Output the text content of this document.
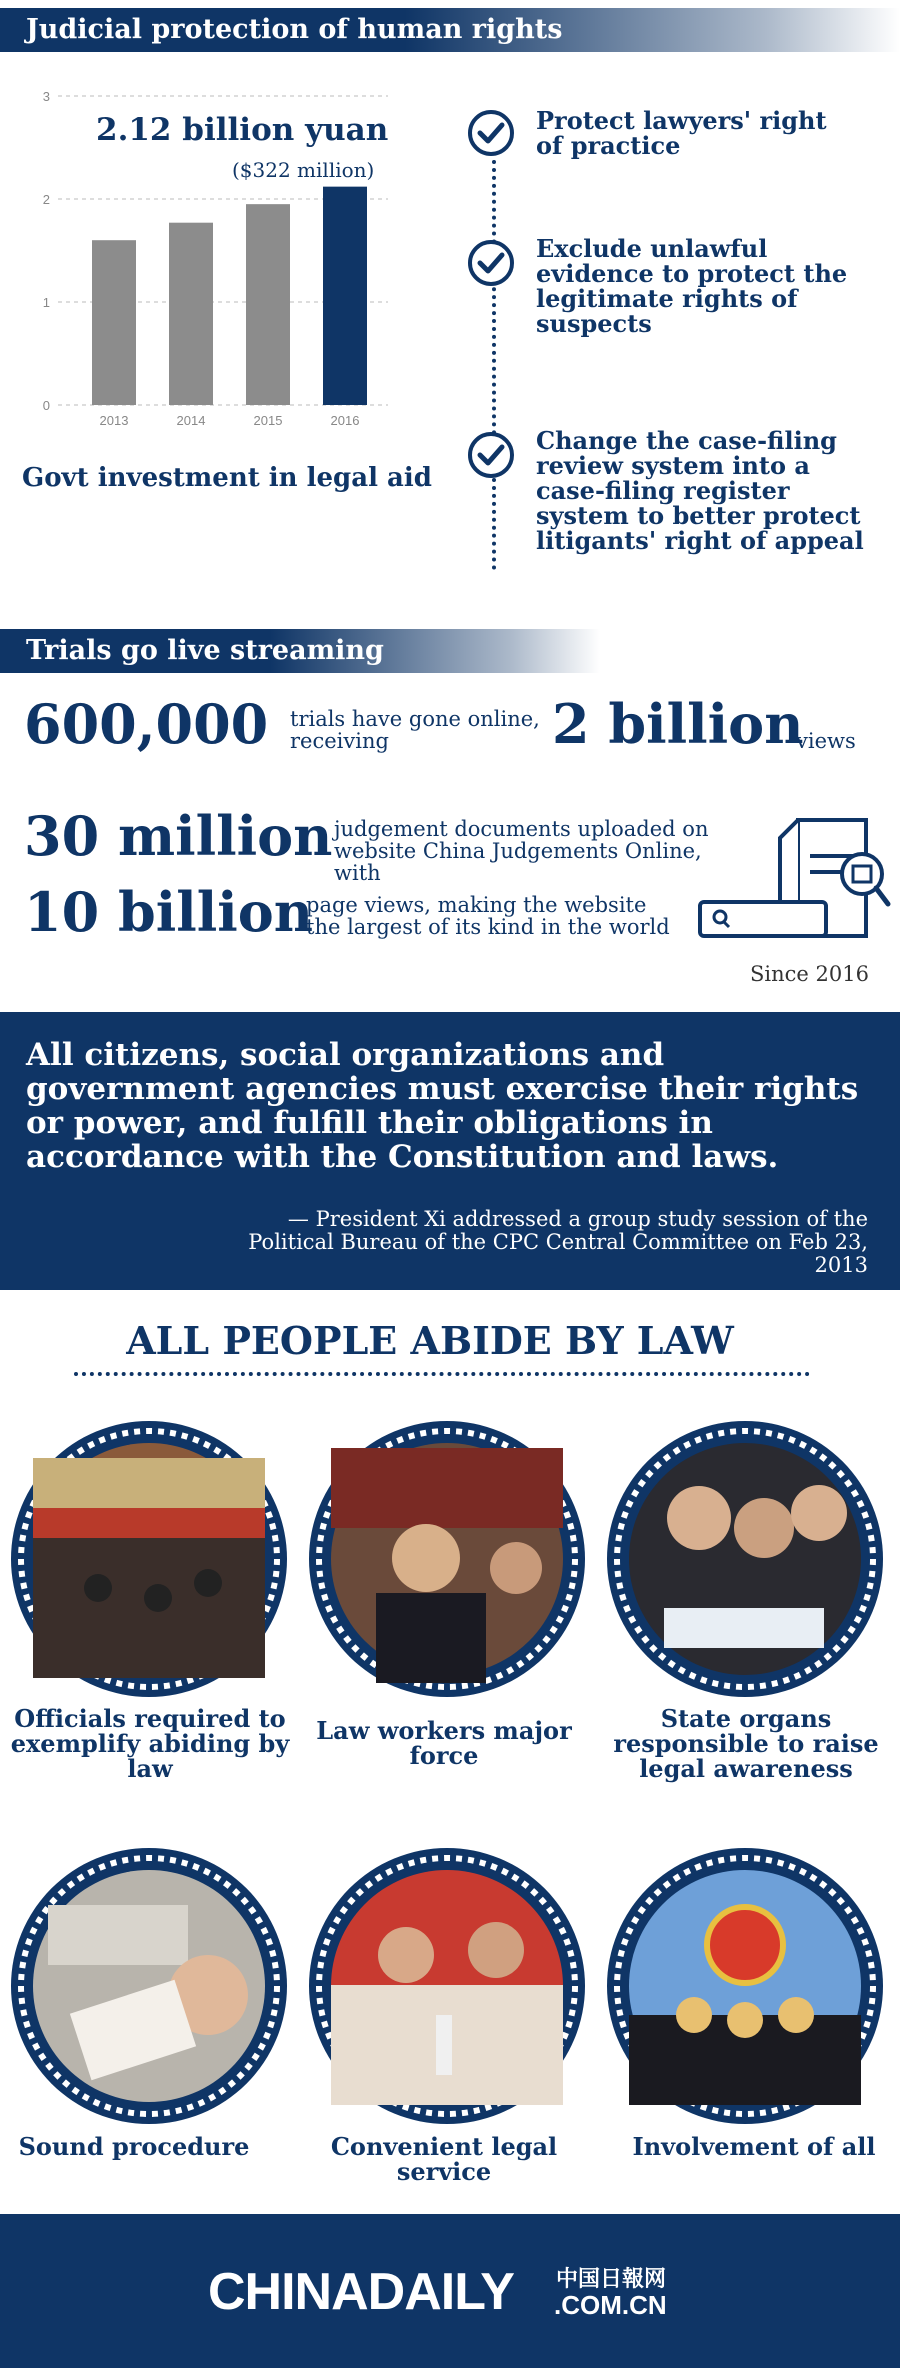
Judicial protection of human rights
0
1
2
3
2013	2014	2015	2016
2.12 billion yuan
($322 million)
Govt investment in legal aid
Protect lawyers' right of practice
Exclude unlawful evidence to protect the legitimate rights of suspects
Change the case-filing review system into a case-filing register system to better protect litigants' right of appeal
Trials go live streaming
600,000 trials have gone online, receiving	2 billion
views
30 million judgement documents uploaded on website China Judgements Online, with
10 billion
page views, making the website the largest of its kind in the world
Since 2016
All citizens, social organizations and government agencies must exercise their rights or power, and fulfill their obligations in accordance with the Constitution and laws.
— President Xi addressed a group study session of the Political Bureau of the CPC Central Committee on Feb 23, 2013
ALL PEOPLE ABIDE BY LAW
Officials required to exemplify abiding by law
Law workers major force
State organs responsible to raise legal awareness
Sound procedure	Convenient legal service
Involvement of all
CHINADAILY 中国日報网
.COM.CN
